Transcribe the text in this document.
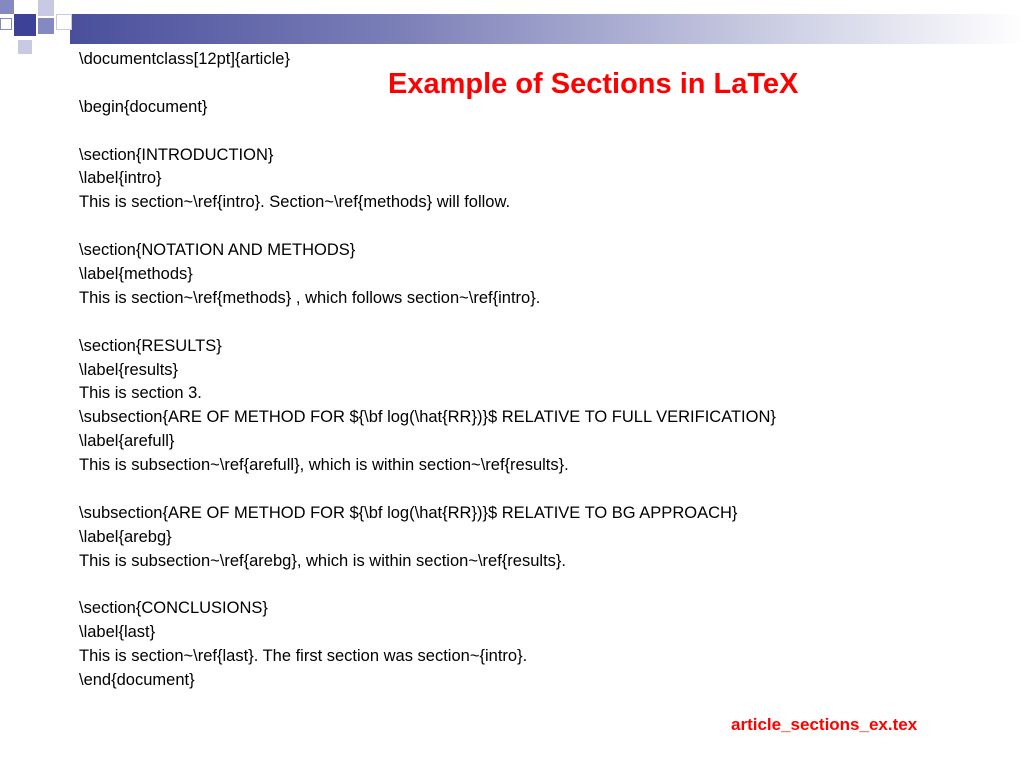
Example of Sections in LaTeX
\documentclass[12pt]{article}
\begin{document}
\section{INTRODUCTION}
\label{intro}
This is section~\ref{intro}. Section~\ref{methods} will follow.
\section{NOTATION AND METHODS}
\label{methods}
This is section~\ref{methods} , which follows section~\ref{intro}.
\section{RESULTS}
\label{results}
This is section 3.
\subsection{ARE OF METHOD FOR ${\bf log(\hat{RR})}$ RELATIVE TO FULL VERIFICATION}
\label{arefull}
This is subsection~\ref{arefull}, which is within section~\ref{results}.
\subsection{ARE OF METHOD FOR ${\bf log(\hat{RR})}$ RELATIVE TO BG APPROACH}
\label{arebg}
This is subsection~\ref{arebg}, which is within section~\ref{results}.
\section{CONCLUSIONS}
\label{last}
This is section~\ref{last}. The first section was section~{intro}.
\end{document}

article_sections_ex.tex
